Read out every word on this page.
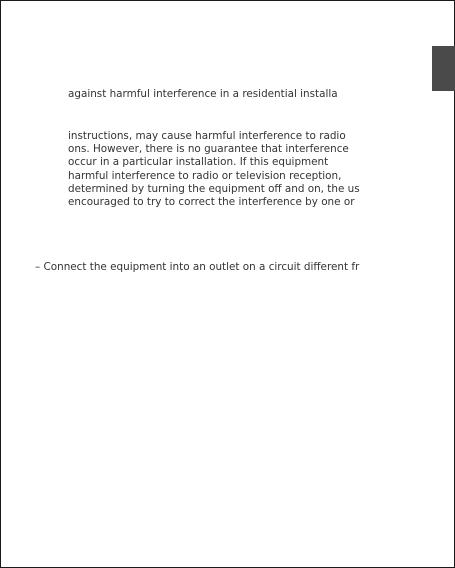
against harmful interference in a residential installa
instructions, may cause harmful interference to radio
ons. However, there is no guarantee that interference
occur in a particular installation. If this equipment
harmful interference to radio or television reception,
determined by turning the equipment off and on, the us
encouraged to try to correct the interference by one or
– Connect the equipment into an outlet on a circuit different fr
